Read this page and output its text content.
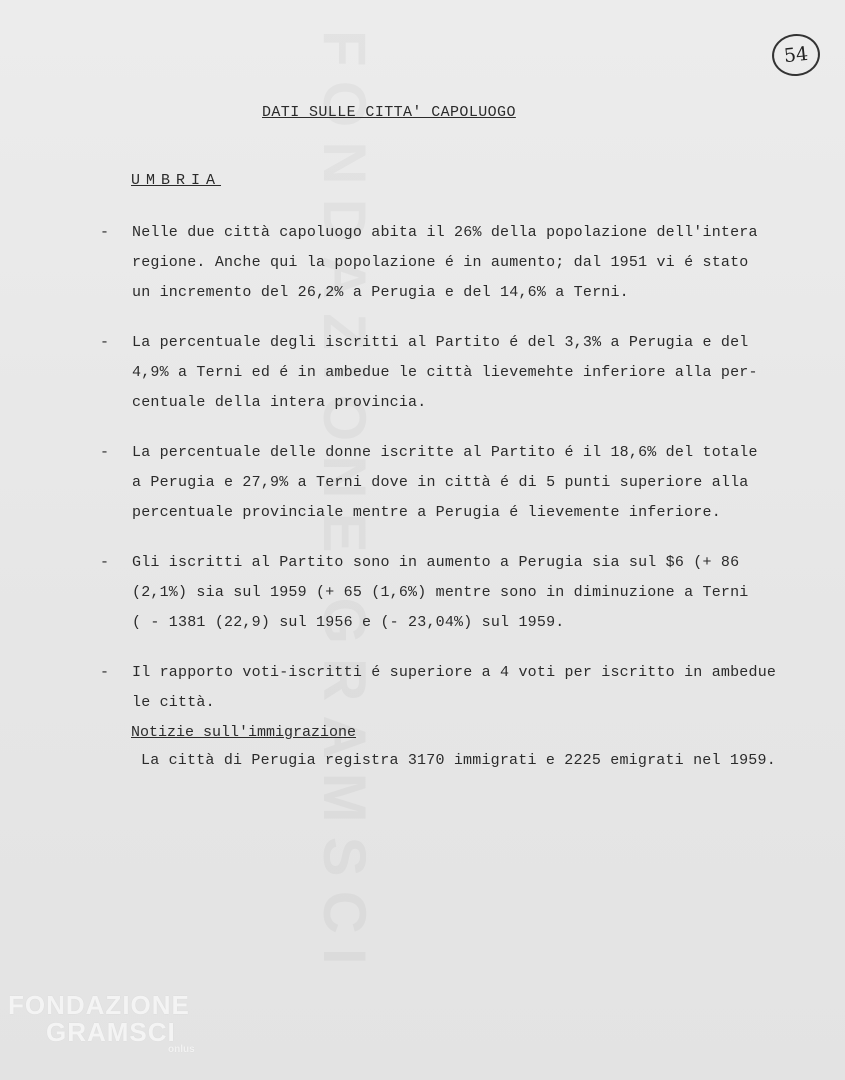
54
DATI SULLE CITTA' CAPOLUOGO
UMBRIA
- Nelle due città capoluogo abita il 26% della popolazione dell'intera
regione. Anche qui la popolazione é in aumento; dal 1951 vi é stato
un incremento del 26,2% a Perugia e del 14,6% a Terni.
- La percentuale degli iscritti al Partito é del 3,3% a Perugia e del
4,9% a Terni ed é in ambedue le città lievemehte inferiore alla per-
centuale della intera provincia.
- La percentuale delle donne iscritte al Partito é il 18,6% del totale
a Perugia e 27,9% a Terni dove in città é di 5 punti superiore alla
percentuale provinciale mentre a Perugia é lievemente inferiore.
- Gli iscritti al Partito sono in aumento a Perugia sia sul $6 (+ 86
(2,1%) sia sul 1959 (+ 65 (1,6%) mentre sono in diminuzione a Terni
( - 1381 (22,9) sul 1956 e (- 23,04%) sul 1959.
- Il rapporto voti-iscritti é superiore a 4 voti per iscritto in ambedue
le città.
Notizie sull'immigrazione
La città di Perugia registra 3170 immigrati e 2225 emigrati nel 1959.
FONDAZIONE
GRAMSCI
onlus
